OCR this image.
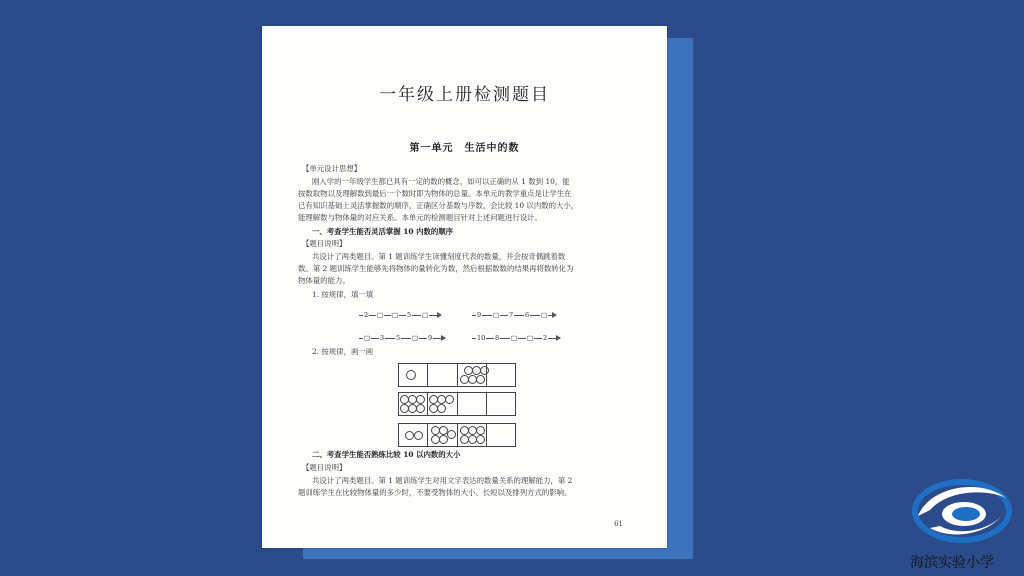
一年级上册检测题目
第一单元　生活中的数
【单元设计思想】
刚入学的一年级学生都已具有一定的数的概念，如可以正确的从 1 数到 10，能
按数取物以及理解数到最后一个数时即为物体的总量。本单元的教学重点是让学生在
已有知识基础上灵活掌握数的顺序，正确区分基数与序数，会比较 10 以内数的大小，
能理解数与物体量的对应关系。本单元的检测题目针对上述问题进行设计。
一、考查学生能否灵活掌握 10 内数的顺序
【题目说明】
共设计了两类题目。第 1 题训练学生读懂刻度代表的数量，并会按奇偶跳着数
数。第 2 题训练学生能够先将物体的量转化为数，然后根据数数的结果再将数转化为
物体量的能力。
1. 按规律，填一填
2 □ □ 5 □	9 □ 7 6 □
□ 3 5 □ 9	10 8 □ □ 2
2. 按规律，画一画
二、考查学生能否熟练比较 10 以内数的大小
【题目说明】
共设计了两类题目。第 1 题训练学生对用文字表达的数量关系的理解能力，第 2
题训练学生在比较物体量的多少时，不要受物体的大小、长短以及排列方式的影响。
61
海滨实验小学
